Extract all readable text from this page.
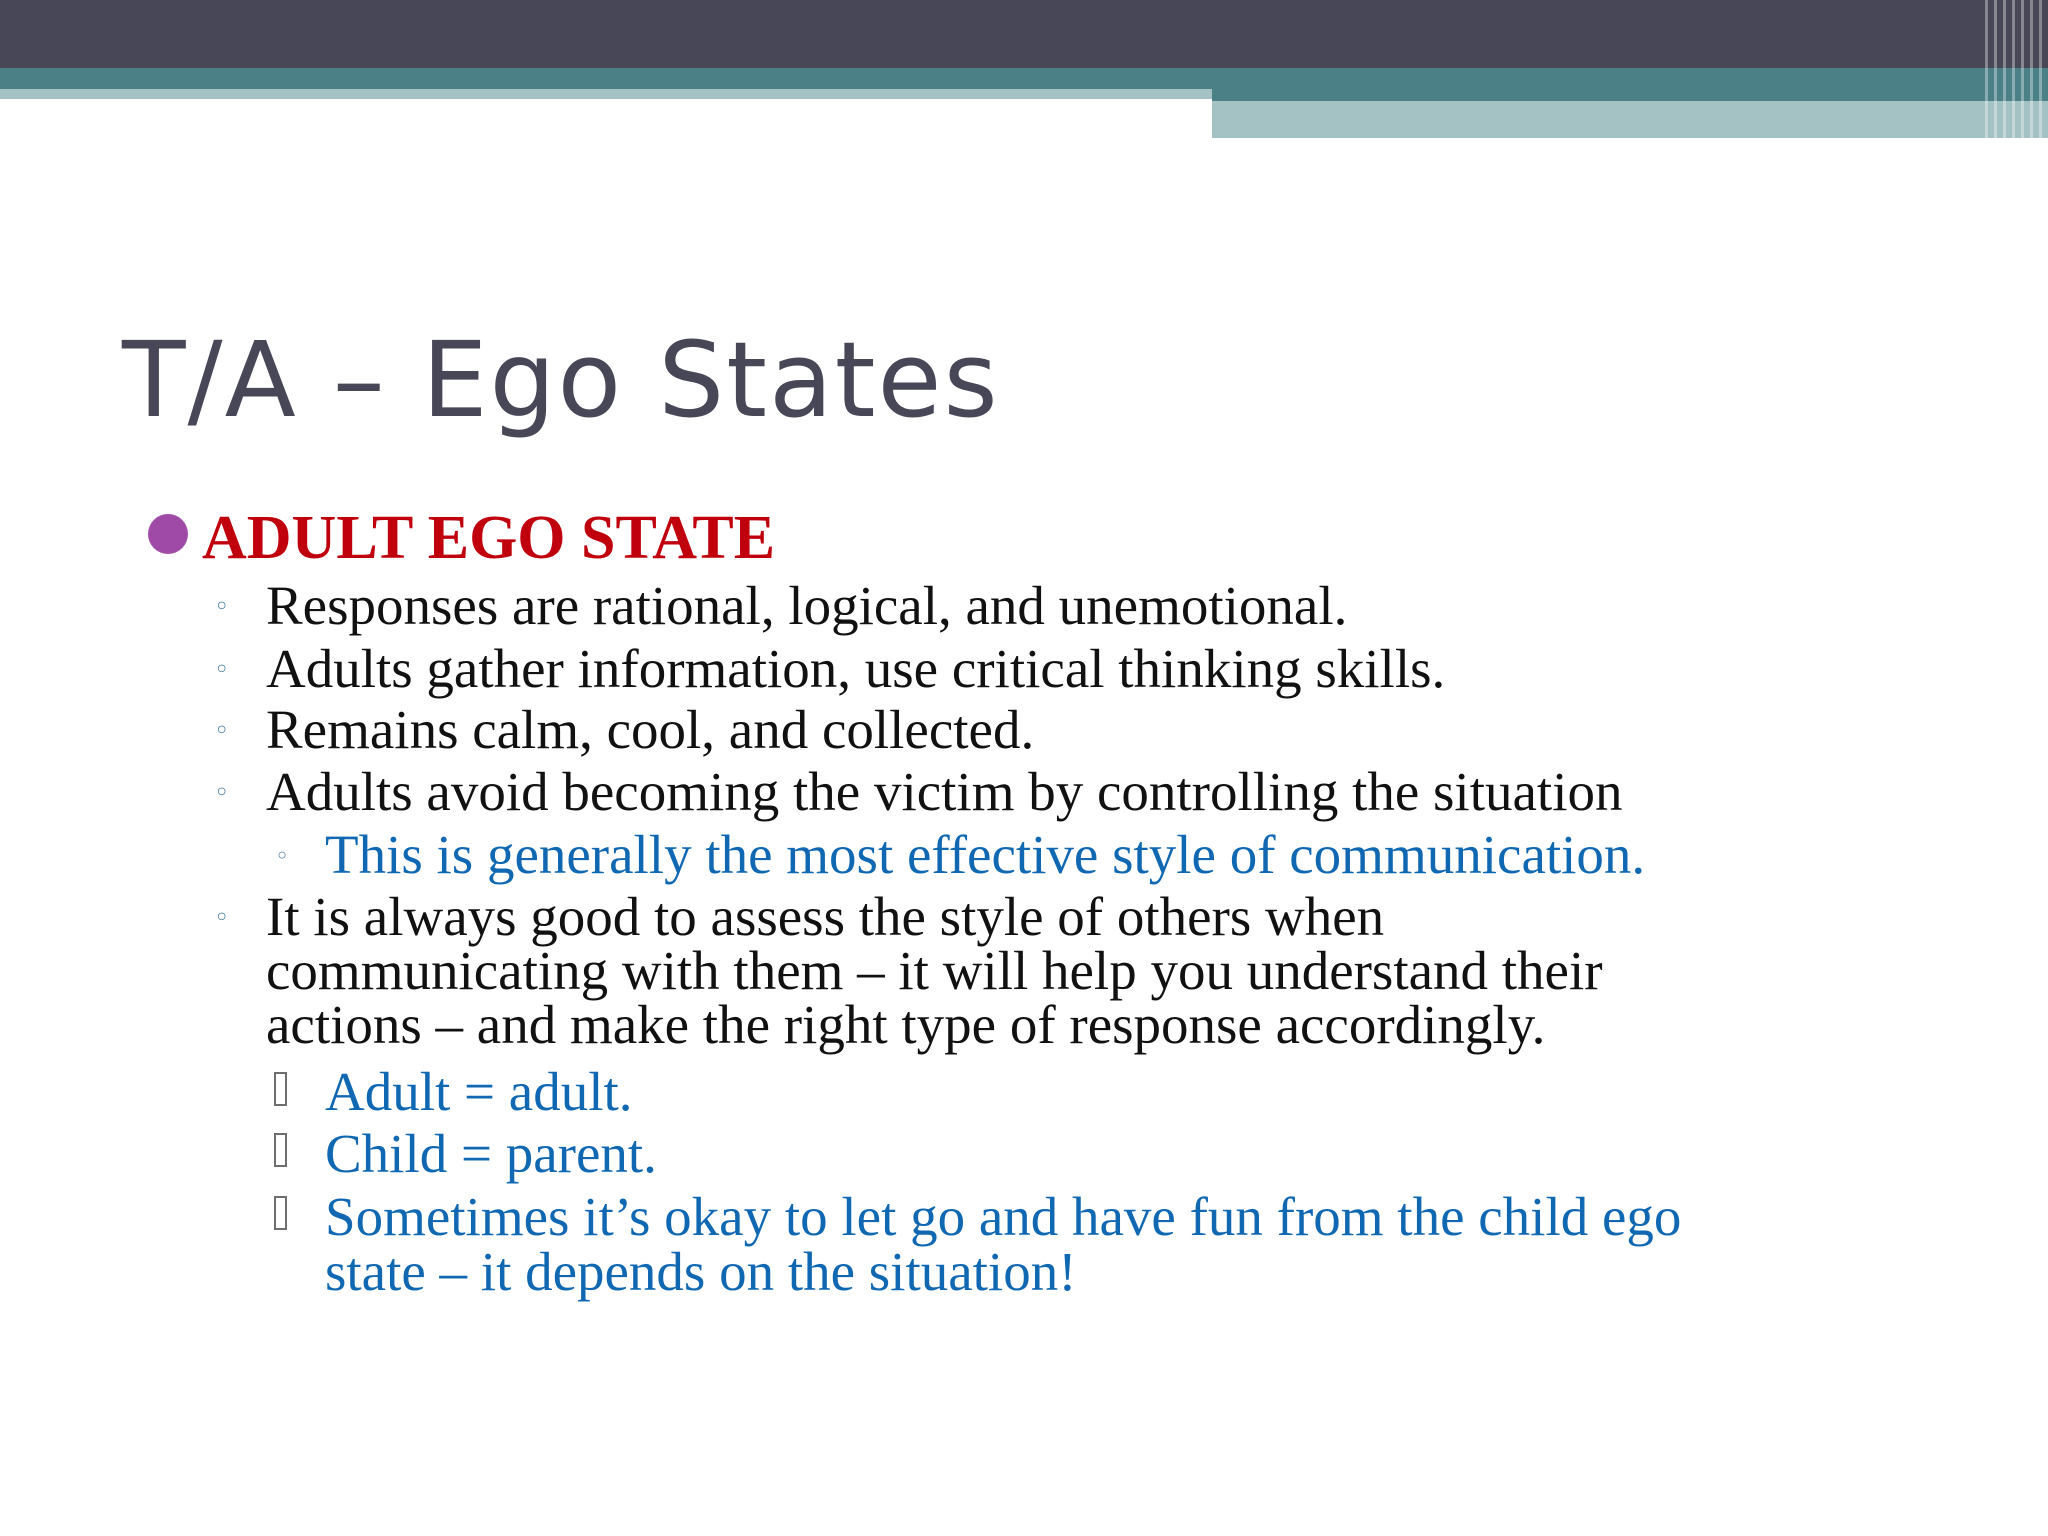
T/A – Ego States
ADULT EGO STATE
◦ Responses are rational, logical, and unemotional.
◦ Adults gather information, use critical thinking skills.
◦ Remains calm, cool, and collected.
◦ Adults avoid becoming the victim by controlling the situation
◦ This is generally the most effective style of communication.
◦ It is always good to assess the style of others when
communicating with them – it will help you understand their
actions – and make the right type of response accordingly.
Adult = adult.
Child = parent.
Sometimes it’s okay to let go and have fun from the child ego
state – it depends on the situation!
